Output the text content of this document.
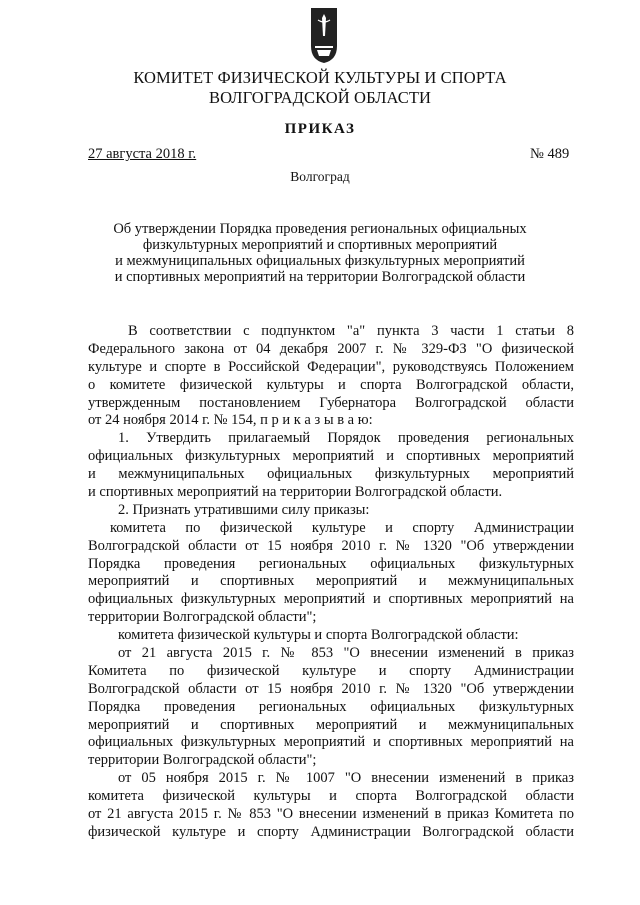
КОМИТЕТ ФИЗИЧЕСКОЙ КУЛЬТУРЫ И СПОРТА
ВОЛГОГРАДСКОЙ ОБЛАСТИ
ПРИКАЗ
27 августа 2018 г.	№ 489
Волгоград
Об утверждении Порядка проведения региональных официальных
физкультурных мероприятий и спортивных мероприятий
и межмуниципальных официальных физкультурных мероприятий
и спортивных мероприятий на территории Волгоградской области
В соответствии с подпунктом "а" пункта 3 части 1 статьи 8
Федерального закона от 04 декабря 2007 г. № 329-ФЗ "О физической
культуре и спорте в Российской Федерации", руководствуясь Положением
о комитете физической культуры и спорта Волгоградской области,
утвержденным постановлением Губернатора Волгоградской области
от 24 ноября 2014 г. № 154, п р и к а з ы в а ю:
1. Утвердить прилагаемый Порядок проведения региональных
официальных физкультурных мероприятий и спортивных мероприятий
и межмуниципальных официальных физкультурных мероприятий
и спортивных мероприятий на территории Волгоградской области.
2. Признать утратившими силу приказы:
комитета по физической культуре и спорту Администрации
Волгоградской области от 15 ноября 2010 г. № 1320 "Об утверждении
Порядка проведения региональных официальных физкультурных
мероприятий и спортивных мероприятий и межмуниципальных
официальных физкультурных мероприятий и спортивных мероприятий на
территории Волгоградской области";
комитета физической культуры и спорта Волгоградской области:
от 21 августа 2015 г. № 853 "О внесении изменений в приказ
Комитета по физической культуре и спорту Администрации
Волгоградской области от 15 ноября 2010 г. № 1320 "Об утверждении
Порядка проведения региональных официальных физкультурных
мероприятий и спортивных мероприятий и межмуниципальных
официальных физкультурных мероприятий и спортивных мероприятий на
территории Волгоградской области";
от 05 ноября 2015 г. № 1007 "О внесении изменений в приказ
комитета физической культуры и спорта Волгоградской области
от 21 августа 2015 г. № 853 "О внесении изменений в приказ Комитета по
физической культуре и спорту Администрации Волгоградской области
